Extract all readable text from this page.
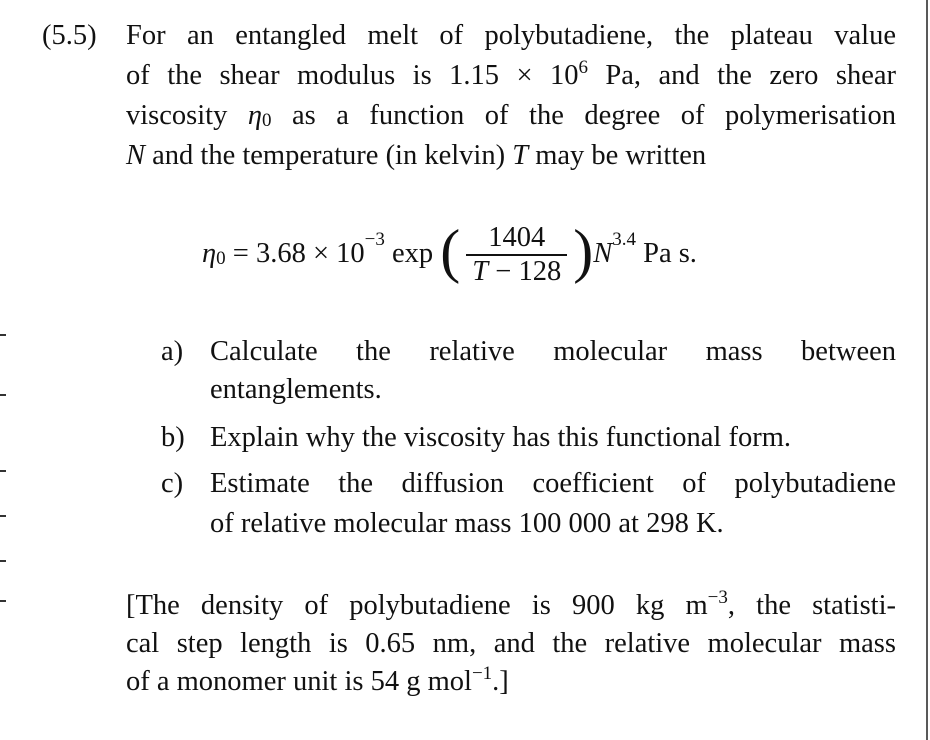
(5.5) For an entangled melt of polybutadiene, the plateau value
of the shear modulus is $1.15 \times 10^6$ Pa, and the zero shear
viscosity η0 as a function of the degree of polymerisation
N and the temperature (in kelvin) T may be written
$\eta 0 = 3.68 \times 10^{-3}$ exp ( $\frac{1404}{T - 128} )N^{3.4}$ Pa s.
a) Calculate the relative molecular mass between
entanglements.
b) Explain why the viscosity has this functional form.
c) Estimate the diffusion coefficient of polybutadiene
of relative molecular mass 100 000 at 298 K.
[The density of polybutadiene is 900 kg $m^{-3}$, the statisti-
cal step length is 0.65 nm, and the relative molecular mass
of a monomer unit is 54 g mol$^{-1}$.]
